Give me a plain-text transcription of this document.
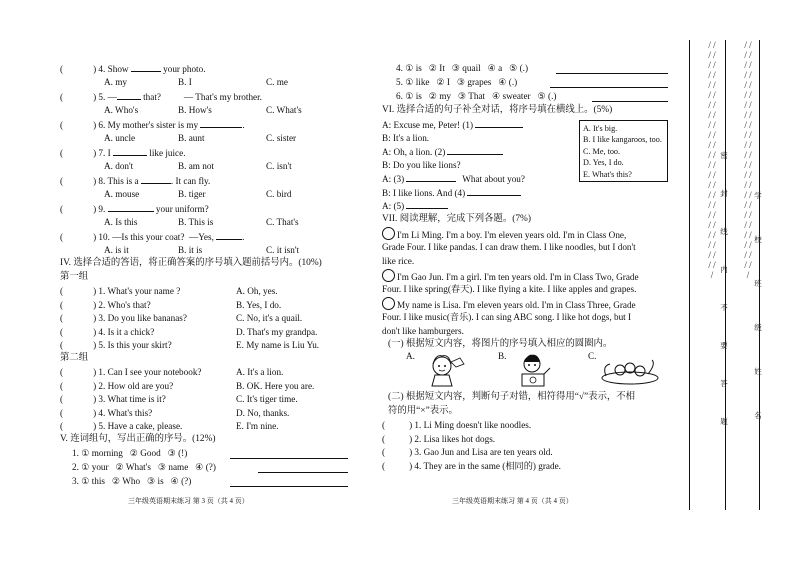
(	) 4. Show	your photo.
A. my	B. I	C. me
(	) 5. —	that? — That's my brother.
A. Who's	B. How's	C. What's
(	) 6. My mother's sister is my	.
A. uncle	B. aunt	C. sister
(	) 7. I	like juice.
A. don't	B. am not	C. isn't
(	) 8. This is a	. It can fly.
A. mouse	B. tiger	C. bird
(	) 9.	your uniform?
A. Is this	B. This is	C. That's
(	) 10. —Is this your coat? —Yes,	.
A. is it	B. it is	C. it isn't
IV. 选择合适的答语，将正确答案的序号填入题前括号内。(10%)
第一组
(	) 1. What's your name ?	A. Oh, yes.
(	) 2. Who's that?	B. Yes, I do.
(	) 3. Do you like bananas?	C. No, it's a quail.
(	) 4. Is it a chick?	D. That's my grandpa.
(	) 5. Is this your skirt?	E. My name is Liu Yu.
第二组
(	) 1. Can I see your notebook?	A. It's a lion.
(	) 2. How old are you?	B. OK. Here you are.
(	) 3. What time is it?	C. It's tiger time.
(	) 4. What's this?	D. No, thanks.
(	) 5. Have a cake, please.	E. I'm nine.
V. 连词组句，写出正确的序号。(12%)
1. ① morning   ② Good   ③ (!)
2. ① your   ② What's   ③ name   ④ (?)
3. ① this   ② Who   ③ is   ④ (?)
三年级英语期末练习 第 3 页（共 4 页）
4. ① is   ② It   ③ quail   ④ a   ⑤ (.)
5. ① like   ② I   ③ grapes   ④ (.)
6. ① is   ② my   ③ That   ④ sweater   ⑤ (.)
VI. 选择合适的句子补全对话，将序号填在横线上。(5%)
A: Excuse me, Peter! (1)
B: It's a lion.
A: Oh, a lion. (2)
B: Do you like lions?
A: (3)	What about you?
B: I like lions. And (4)
A: (5)
A. It's big.
B. I like kangaroos, too.
C. Me, too.
D. Yes, I do.
E. What's this?
VII. 阅读理解，完成下列各题。(7%)
I'm Li Ming. I'm a boy. I'm eleven years old. I'm in Class One,
Grade Four. I like pandas. I can draw them. I like noodles, but I don't
like rice.
I'm Gao Jun. I'm a girl. I'm ten years old. I'm in Class Two, Grade
Four. I like spring(春天). I like flying a kite. I like apples and grapes.
My name is Lisa. I'm eleven years old. I'm in Class Three, Grade
Four. I like music(音乐). I can sing ABC song. I like hot dogs, but I
don't like hamburgers.
(一) 根据短文内容，将图片的序号填入相应的圆圈内。
A.	B.	C.
(二) 根据短文内容，判断句子对错，相符得用“√”表示，不相
符的用“×”表示。
(	) 1. Li Ming doesn't like noodles.
(	) 2. Lisa likes hot dogs.
(	) 3. Gao Jun and Lisa are ten years old.
(	) 4. They are in the same (相同的) grade.
三年级英语期末练习 第 4 页（共 4 页）
/ / / / / / / / / / / / / / / / / / / / / / / / / / / / / / / / / / / / / / / / / / / / / / /
/ / / / / / / / / / / / / / / / / / / / / / / / / / / / / / / / / / / / / / / / / / / / / / /
密
封
线
内
不
要
答
题
学
校
班
级
姓
名
